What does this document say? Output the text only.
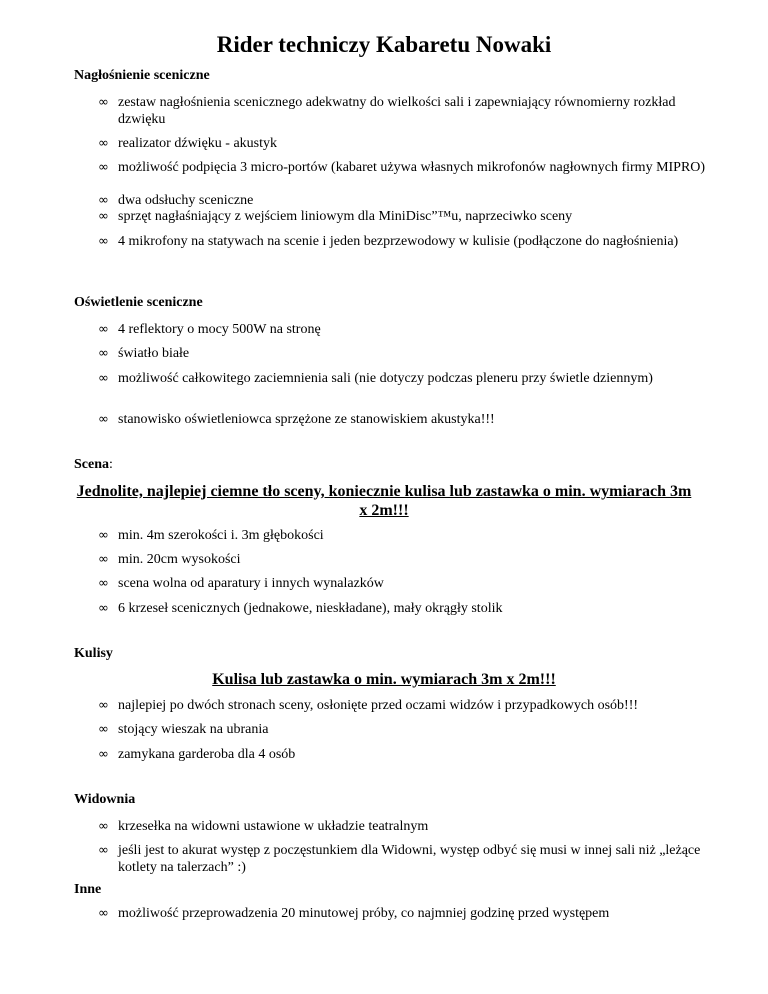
Rider techniczy Kabaretu Nowaki

Nagłośnienie sceniczne

∞ zestaw nagłośnienia scenicznego adekwatny do wielkości sali i zapewniający równomierny rozkład dzwięku
∞ realizator dźwięku - akustyk
∞ możliwość podpięcia 3 micro-portów (kabaret używa własnych mikrofonów nagłownych firmy MIPRO)
∞ dwa odsłuchy sceniczne
∞ sprzęt nagłaśniający z wejściem liniowym dla MiniDisc”™u, naprzeciwko sceny
∞ 4 mikrofony na statywach na scenie i jeden bezprzewodowy w kulisie (podłączone do nagłośnienia)

Oświetlenie sceniczne

∞ 4 reflektory o mocy 500W na stronę
∞ światło białe
∞ możliwość całkowitego zaciemnienia sali (nie dotyczy podczas pleneru przy świetle dziennym)
∞ stanowisko oświetleniowca sprzężone ze stanowiskiem akustyka!!!

Scena:

Jednolite, najlepiej ciemne tło sceny, koniecznie kulisa lub zastawka o min. wymiarach 3m x 2m!!!

∞ min. 4m szerokości i. 3m głębokości
∞ min. 20cm wysokości
∞ scena wolna od aparatury i innych wynalazków
∞ 6 krzeseł scenicznych (jednakowe, nieskładane), mały okrągły stolik

Kulisy

Kulisa lub zastawka o min. wymiarach 3m x 2m!!!

∞ najlepiej po dwóch stronach sceny, osłonięte przed oczami widzów i przypadkowych osób!!!
∞ stojący wieszak na ubrania
∞ zamykana garderoba dla 4 osób

Widownia

∞ krzesełka na widowni ustawione w układzie teatralnym
∞ jeśli jest to akurat występ z poczęstunkiem dla Widowni, występ odbyć się musi w innej sali niż „leżące kotlety na talerzach” :)

Inne

∞ możliwość przeprowadzenia 20 minutowej próby, co najmniej godzinę przed występem
